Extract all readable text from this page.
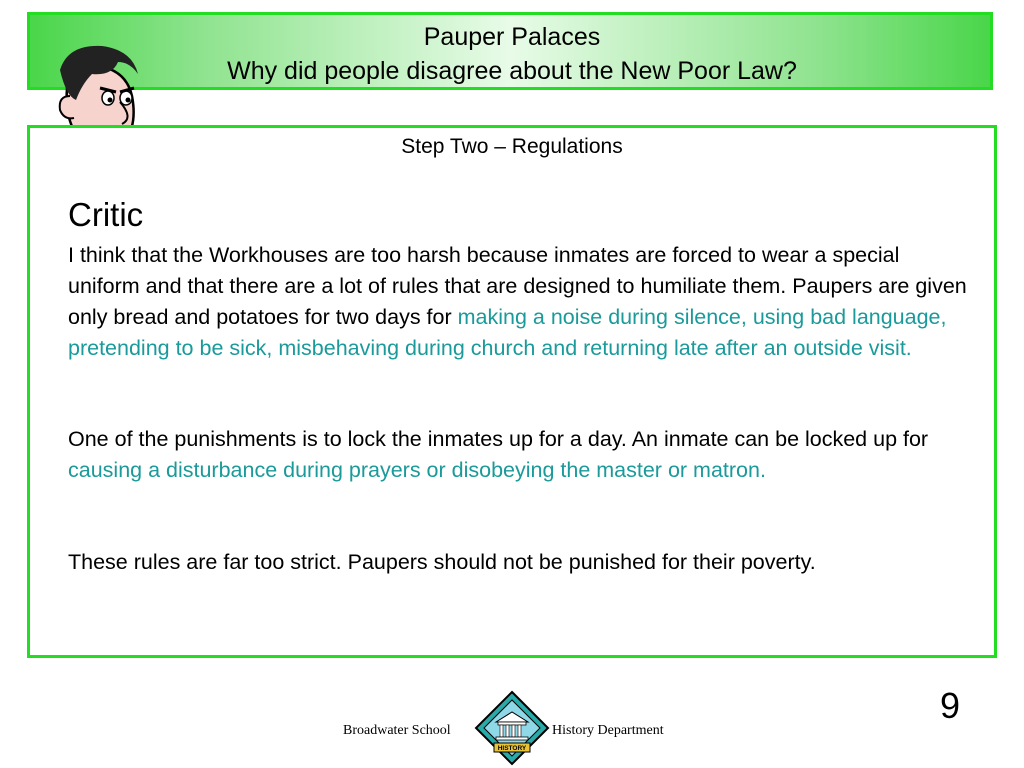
Pauper Palaces
Why did people disagree about the New Poor Law?
Step Two – Regulations
Critic
I think that the Workhouses are too harsh because inmates are forced to wear a special uniform and that there are a lot of rules that are designed to humiliate them. Paupers are given only bread and potatoes for two days for making a noise during silence, using bad language, pretending to be sick, misbehaving during church and returning late after an outside visit.
One of the punishments is to lock the inmates up for a day. An inmate can be locked up for causing a disturbance during prayers or disobeying the master or matron.
These rules are far too strict. Paupers should not be punished for their poverty.
9
Broadwater School
HISTORY
History Department
